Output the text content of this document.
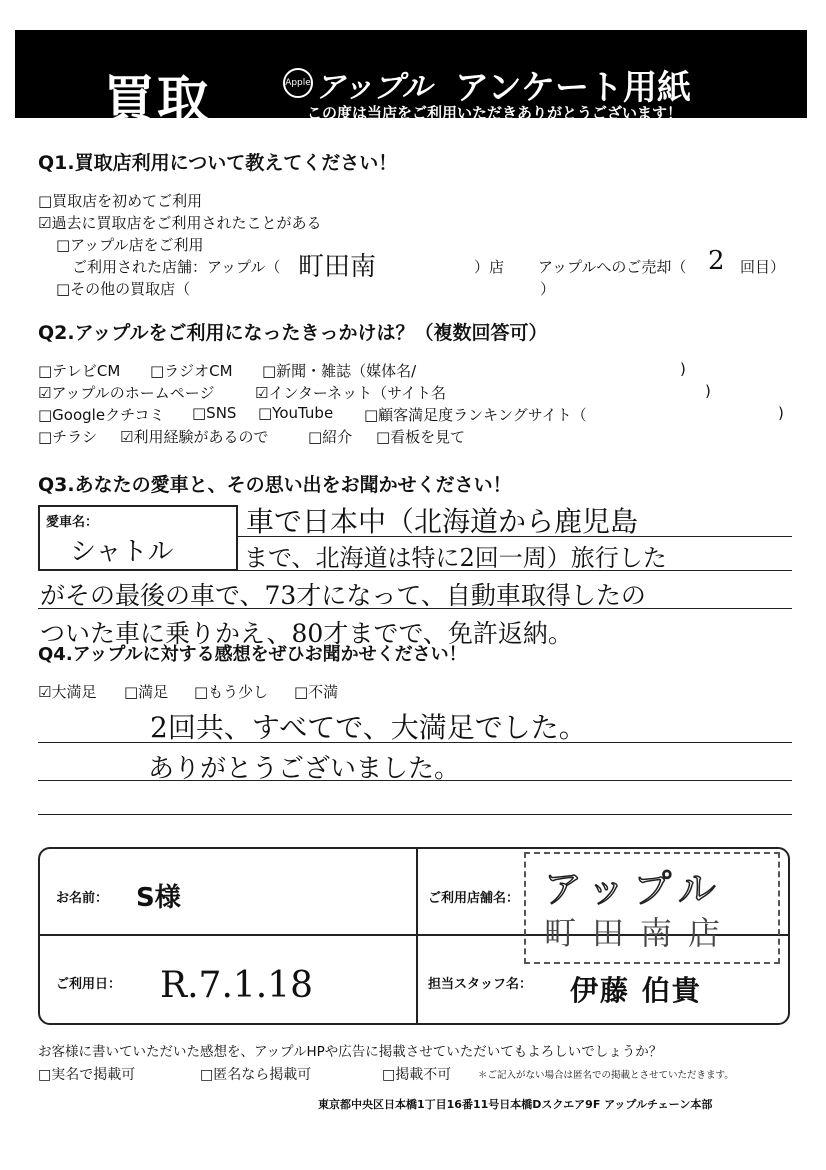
買取	Apple アップル アンケート用紙
この度は当店をご利用いただきありがとうございます！
Q1.買取店利用について教えてください！
□買取店を初めてご利用
☑過去に買取店をご利用されたことがある
□アップル店をご利用
ご利用された店舗：アップル（ 町田南	）店 アップルへのご売却（ 2 回目）
□その他の買取店（	）
Q2.アップルをご利用になったきっかけは？（複数回答可）
□テレビCM □ラジオCM □新聞・雑誌（媒体名/	)
☑アップルのホームページ	☑インターネット（サイト名	)
□Googleクチコミ □SNS □YouTube □顧客満足度ランキングサイト（	)
□チラシ ☑利用経験があるので	□紹介 □看板を見て
Q3.あなたの愛車と、その思い出をお聞かせください！
愛車名：
シャトル
車で日本中（北海道から鹿児島
まで、北海道は特に2回一周）旅行した
がその最後の車で、73才になって、自動車取得したの
ついた車に乗りかえ、80才までで、免許返納。
Q4.アップルに対する感想をぜひお聞かせください！
☑大満足 □満足 □もう少し □不満
2回共、すべてで、大満足でした。
ありがとうございました。
お名前： S様	ご利用店舗名： アップル
町田南店
ご利用日： R.7.1.18	担当スタッフ名： 伊藤 伯貴
お客様に書いていただいた感想を、アップルHPや広告に掲載させていただいてもよろしいでしょうか？
□実名で掲載可	□匿名なら掲載可	□掲載不可	＊ご記入がない場合は匿名での掲載とさせていただきます。
東京都中央区日本橋1丁目16番11号日本橋Dスクエア9F アップルチェーン本部
